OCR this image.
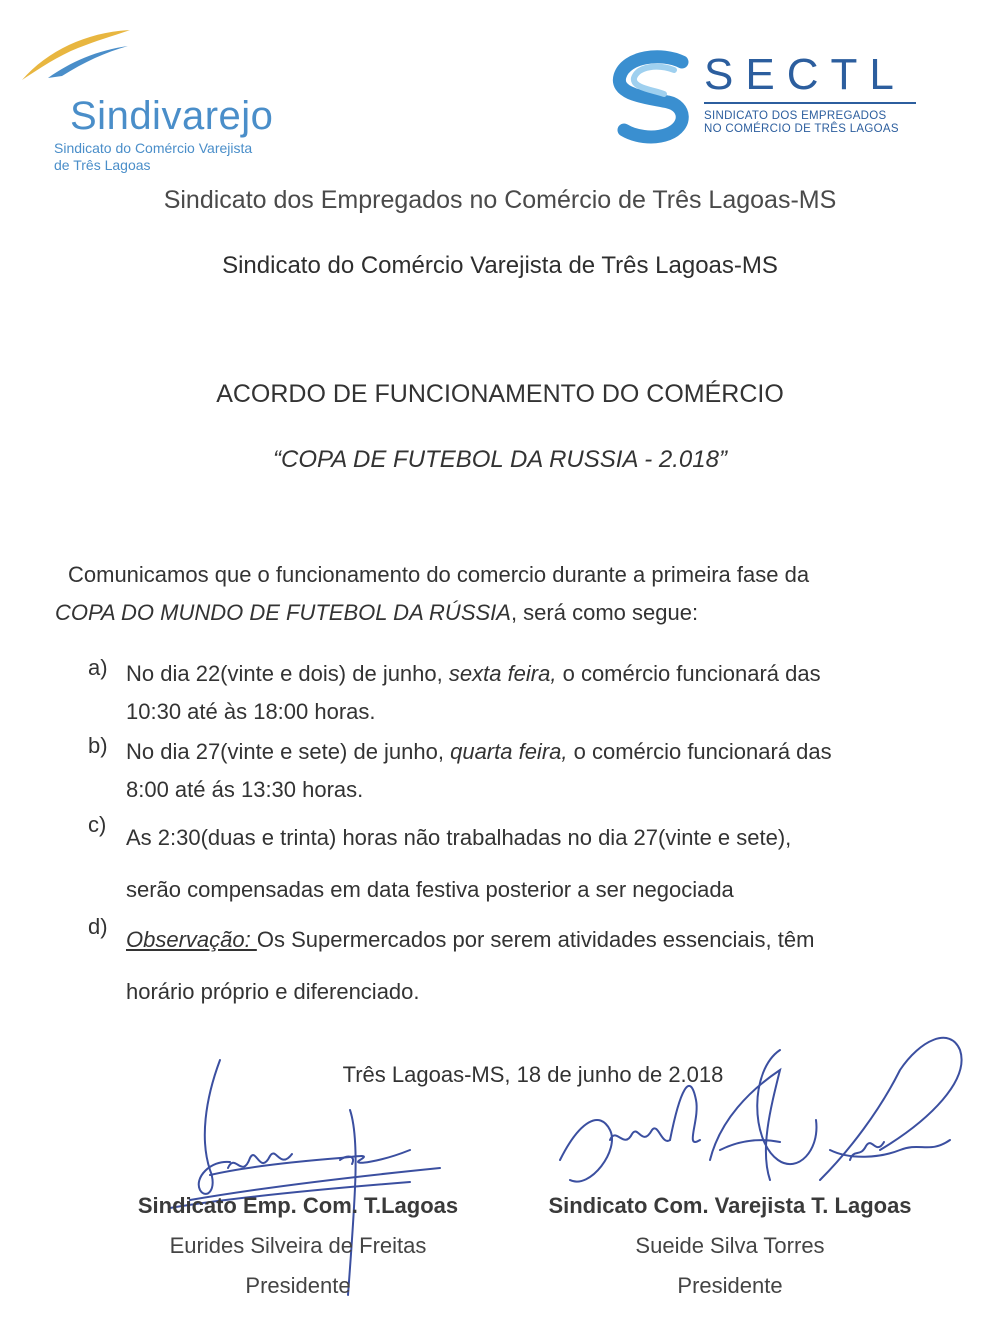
Sindivarejo
Sindicato do Comércio Varejista
de Três Lagoas
SECTL
SINDICATO DOS EMPREGADOS
NO COMÉRCIO DE TRÊS LAGOAS
Sindicato dos Empregados no Comércio de Três Lagoas-MS
Sindicato do Comércio Varejista de Três Lagoas-MS
ACORDO DE FUNCIONAMENTO DO COMÉRCIO
“COPA DE FUTEBOL DA RUSSIA - 2.018”
Comunicamos que o funcionamento do comercio durante a primeira fase da
COPA DO MUNDO DE FUTEBOL DA RÚSSIA, será como segue:
a) No dia 22(vinte e dois) de junho, sexta feira, o comércio funcionará das
10:30 até às 18:00 horas.
b) No dia 27(vinte e sete) de junho, quarta feira, o comércio funcionará das
8:00 até ás 13:30 horas.
c)
As 2:30(duas e trinta) horas não trabalhadas no dia 27(vinte e sete),
serão compensadas em data festiva posterior a ser negociada
d)
Observação: Os Supermercados por serem atividades essenciais, têm
horário próprio e diferenciado.
Três Lagoas-MS, 18 de junho de 2.018
Sindicato Emp. Com. T.Lagoas
Eurides Silveira de Freitas
Presidente
Sindicato Com. Varejista T. Lagoas
Sueide Silva Torres
Presidente
